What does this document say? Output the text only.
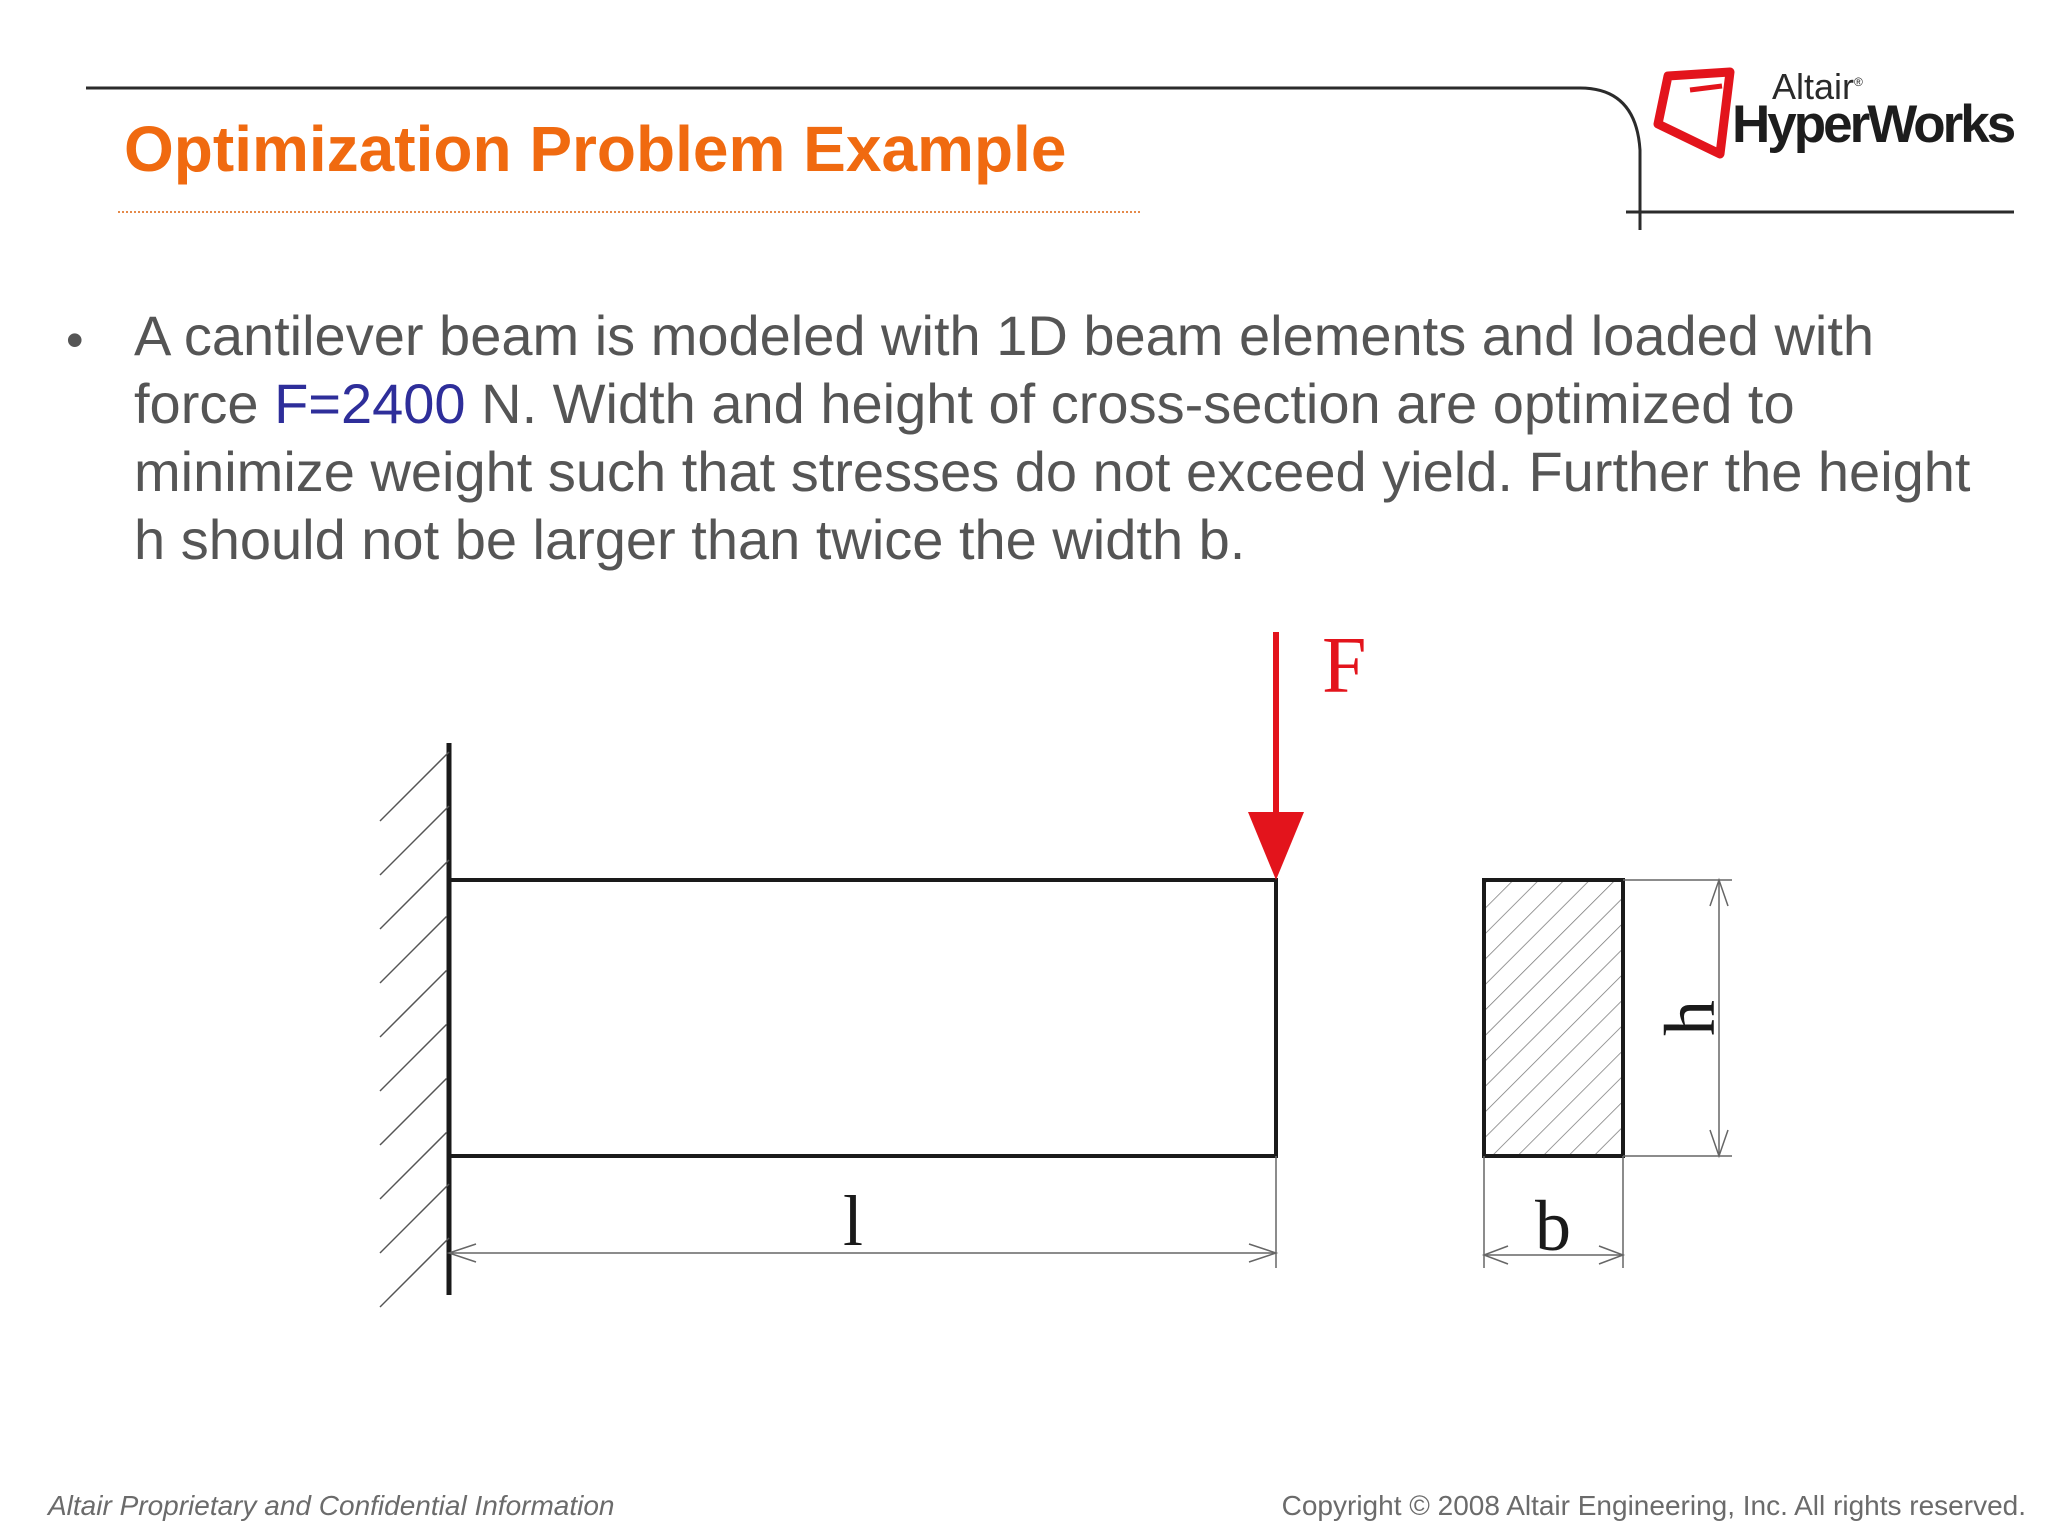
Optimization Problem Example
Altair®
HyperWorks
• A cantilever beam is modeled with 1D beam elements and loaded with force F=2400 N. Width and height of cross-section are optimized to minimize weight such that stresses do not exceed yield. Further the height h should not be larger than twice the width b.

F
l
h
b
Altair Proprietary and Confidential Information	Copyright © 2008 Altair Engineering, Inc. All rights reserved.
